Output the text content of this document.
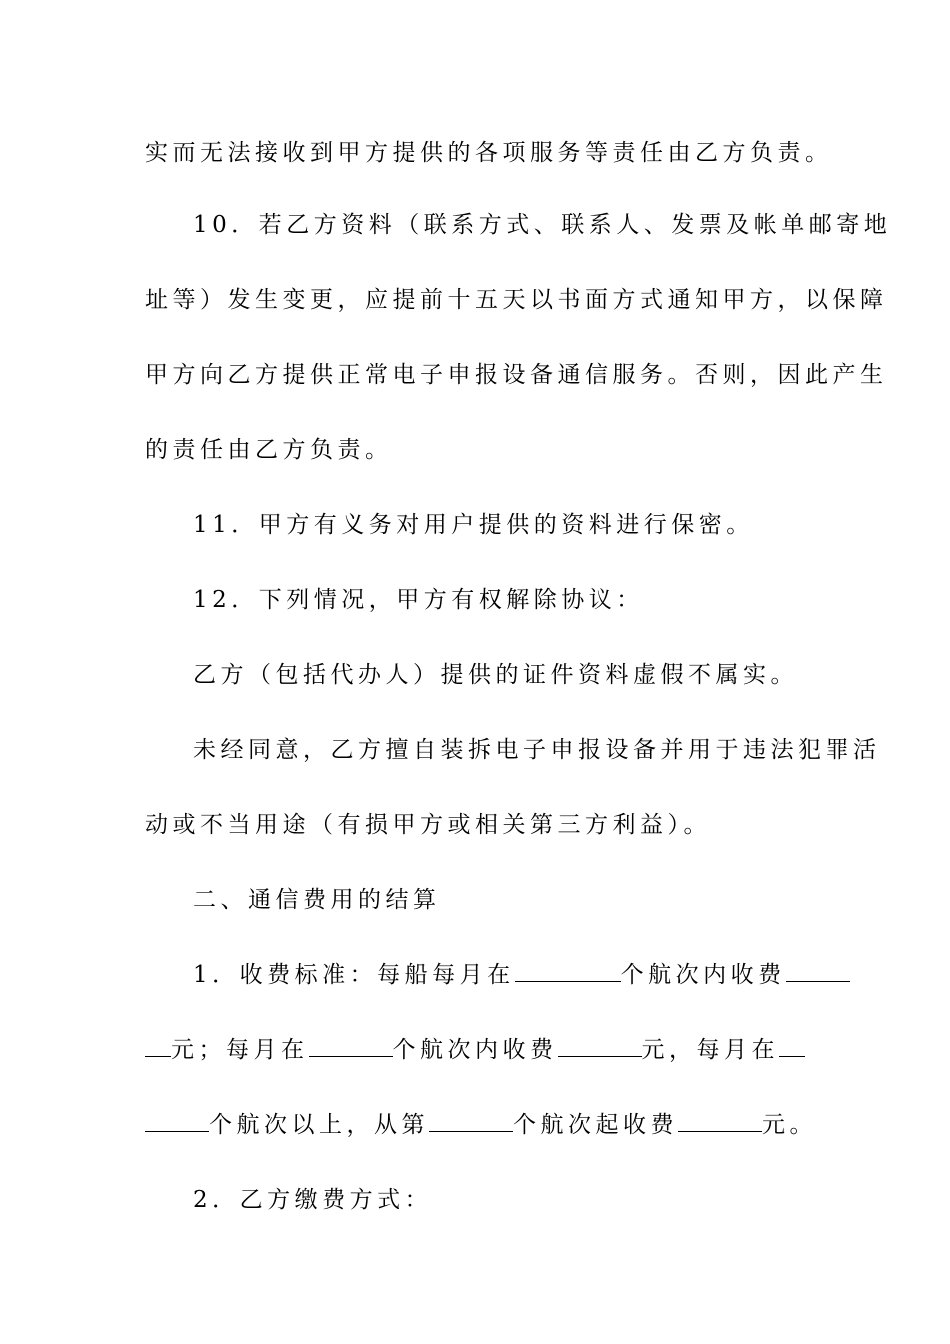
实而无法接收到甲方提供的各项服务等责任由乙方负责。
10．若乙方资料（联系方式、联系人、发票及帐单邮寄地
址等）发生变更，应提前十五天以书面方式通知甲方，以保障
甲方向乙方提供正常电子申报设备通信服务。否则，因此产生
的责任由乙方负责。
11．甲方有义务对用户提供的资料进行保密。
12．下列情况，甲方有权解除协议：
乙方（包括代办人）提供的证件资料虚假不属实。
未经同意，乙方擅自装拆电子申报设备并用于违法犯罪活
动或不当用途（有损甲方或相关第三方利益）。
二、通信费用的结算
1．收费标准：每船每月在	个航次内收费
元；每月在	个航次内收费	元，每月在
个航次以上，从第	个航次起收费	元。
2．乙方缴费方式：
